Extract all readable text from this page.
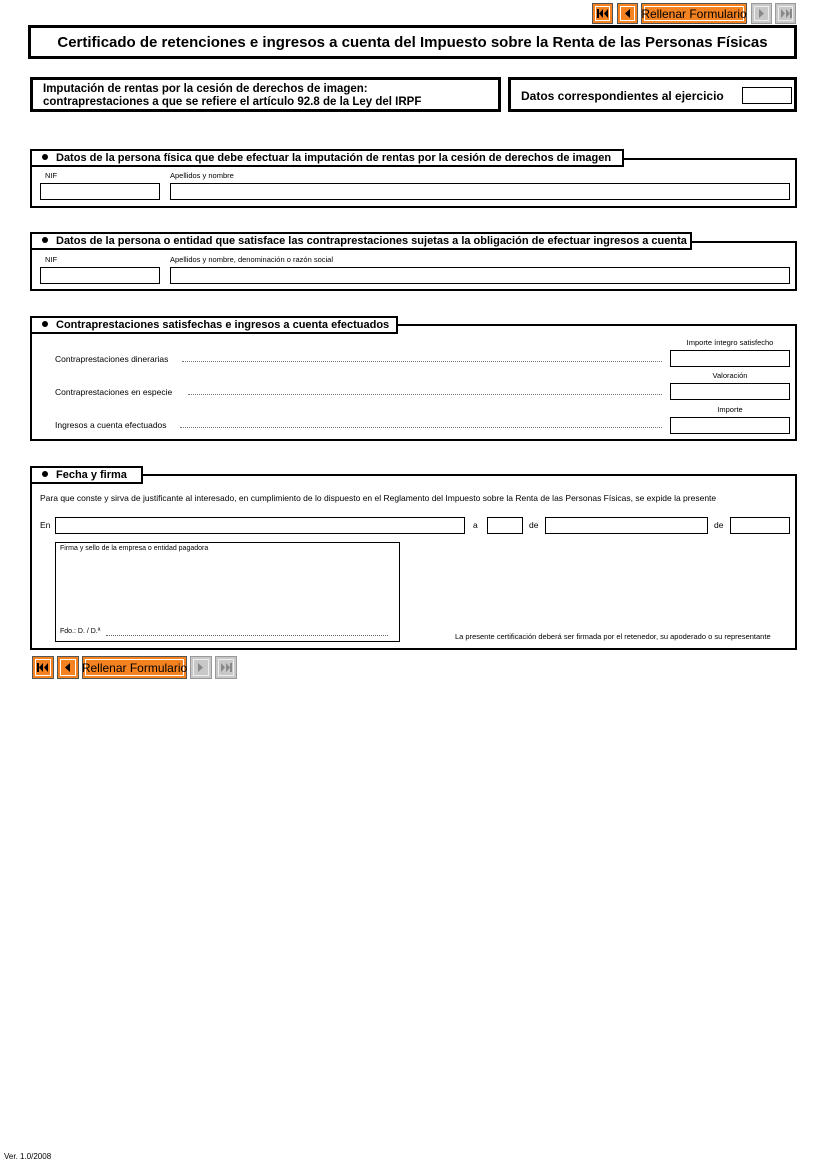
Rellenar Formulario
Certificado de retenciones e ingresos a cuenta del Impuesto sobre la Renta de las Personas Físicas
Imputación de rentas por la cesión de derechos de imagen:
contraprestaciones a que se refiere el artículo 92.8 de la Ley del IRPF	Datos correspondientes al ejercicio
Datos de la persona física que debe efectuar la imputación de rentas por la cesión de derechos de imagen
NIF	Apellidos y nombre
Datos de la persona o entidad que satisface las contraprestaciones sujetas a la obligación de efectuar ingresos a cuenta
NIF	Apellidos y nombre, denominación o razón social
Contraprestaciones satisfechas e ingresos a cuenta efectuados
Importe íntegro satisfecho
Contraprestaciones dinerarias
Valoración
Contraprestaciones en especie
Importe
Ingresos a cuenta efectuados
Fecha y firma
Para que conste y sirva de justificante al interesado, en cumplimiento de lo dispuesto en el Reglamento del Impuesto sobre la Renta de las Personas Físicas, se expide la presente
En	a	de	de
Firma y sello de la empresa o entidad pagadora
Fdo.: D. / D.ª
La presente certificación deberá ser firmada por el retenedor, su apoderado o su representante
Rellenar Formulario
Ver. 1.0/2008
